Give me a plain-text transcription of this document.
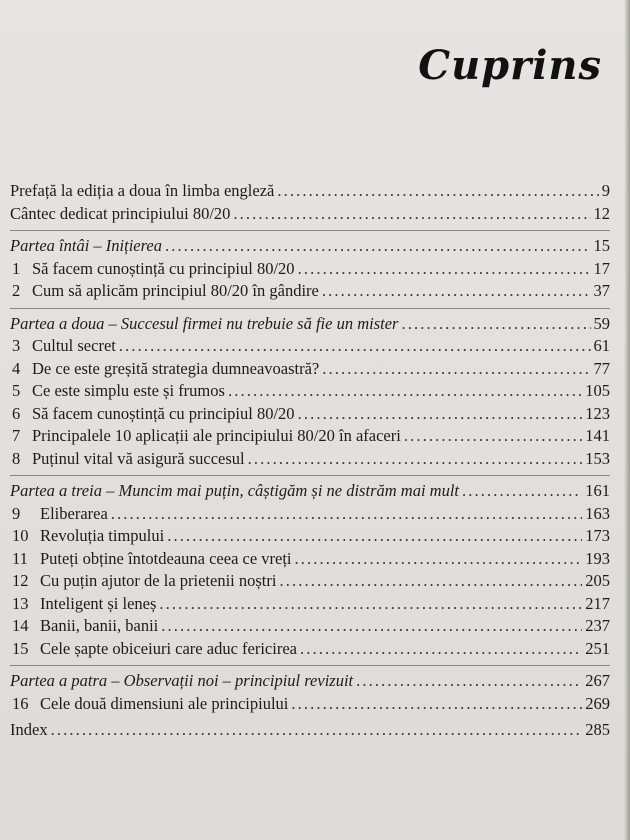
Cuprins
Prefață la ediția a doua în limba engleză . . .	9
Cântec dedicat principiului 80/20 . . .	12
Partea întâi – Inițierea . . .	15
1 Să facem cunoștință cu principiul 80/20 . . .	17
2 Cum să aplicăm principiul 80/20 în gândire . . .	37
Partea a doua – Succesul firmei nu trebuie să fie un mister . . .	59
3 Cultul secret . . .	61
4 De ce este greșită strategia dumneavoastră? . . .	77
5 Ce este simplu este și frumos . . .	105
6 Să facem cunoștință cu principiul 80/20 . . .	123
7 Principalele 10 aplicații ale principiului 80/20 în afaceri . . .	141
8 Puținul vital vă asigură succesul . . .	153
Partea a treia – Muncim mai puțin, câștigăm și ne distrăm mai mult . . .	161
9	Eliberarea . . .	163
10 Revoluția timpului . . .	173
11 Puteți obține întotdeauna ceea ce vreți . . .	193
12 Cu puțin ajutor de la prietenii noștri . . .	205
13 Inteligent și leneș . . .	217
14 Banii, banii, banii . . .	237
15 Cele șapte obiceiuri care aduc fericirea . . .	251
Partea a patra – Observații noi – principiul revizuit . . .	267
16 Cele două dimensiuni ale principiului . . .	269
Index . . .	285
